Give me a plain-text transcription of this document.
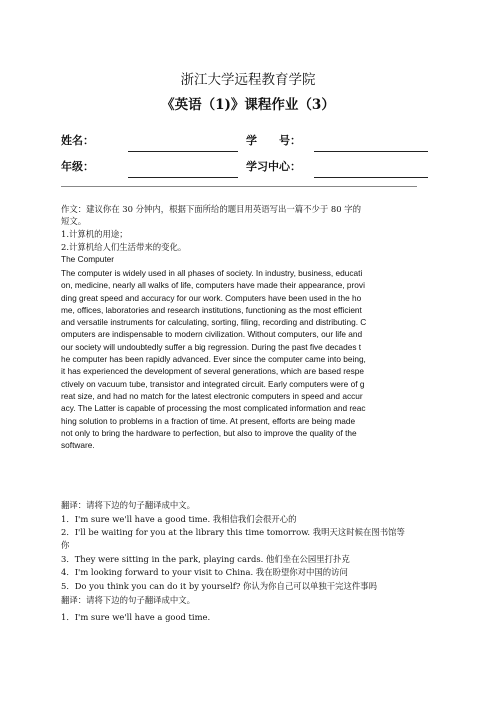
浙江大学远程教育学院
《英语（1)》课程作业（3）
姓名：	学　　号：
年级：	学习中心：
作文：建议你在 30 分钟内，根据下面所给的题目用英语写出一篇不少于 80 字的
短文。
1.计算机的用途；
2.计算机给人们生活带来的变化。
The Computer
The computer is widely used in all phases of society. In industry, business, educati
on, medicine, nearly all walks of life, computers have made their appearance, provi
ding great speed and accuracy for our work. Computers have been used in the ho
me, offices, laboratories and research institutions, functioning as the most efficient
and versatile instruments for calculating, sorting, filing, recording and distributing. C
omputers are indispensable to modern civilization. Without computers, our life and
our society will undoubtedly suffer a big regression. During the past five decades t
he computer has been rapidly advanced. Ever since the computer came into being,
it has experienced the development of several generations, which are based respe
ctively on vacuum tube, transistor and integrated circuit. Early computers were of g
reat size, and had no match for the latest electronic computers in speed and accur
acy. The Latter is capable of processing the most complicated information and reac
hing solution to problems in a fraction of time. At present, efforts are being made
not only to bring the hardware to perfection, but also to improve the quality of the
software.
翻译：请将下边的句子翻译成中文。
1．I'm sure we'll have a good time. 我相信我们会很开心的
2．I'll be waiting for you at the library this time tomorrow. 我明天这时候在图书馆等
你
3．They were sitting in the park, playing cards. 他们坐在公园里打扑克
4．I'm looking forward to your visit to China. 我在盼望你对中国的访问
5．Do you think you can do it by yourself? 你认为你自己可以单独干完这件事吗
翻译：请将下边的句子翻译成中文。
1．I'm sure we'll have a good time.
